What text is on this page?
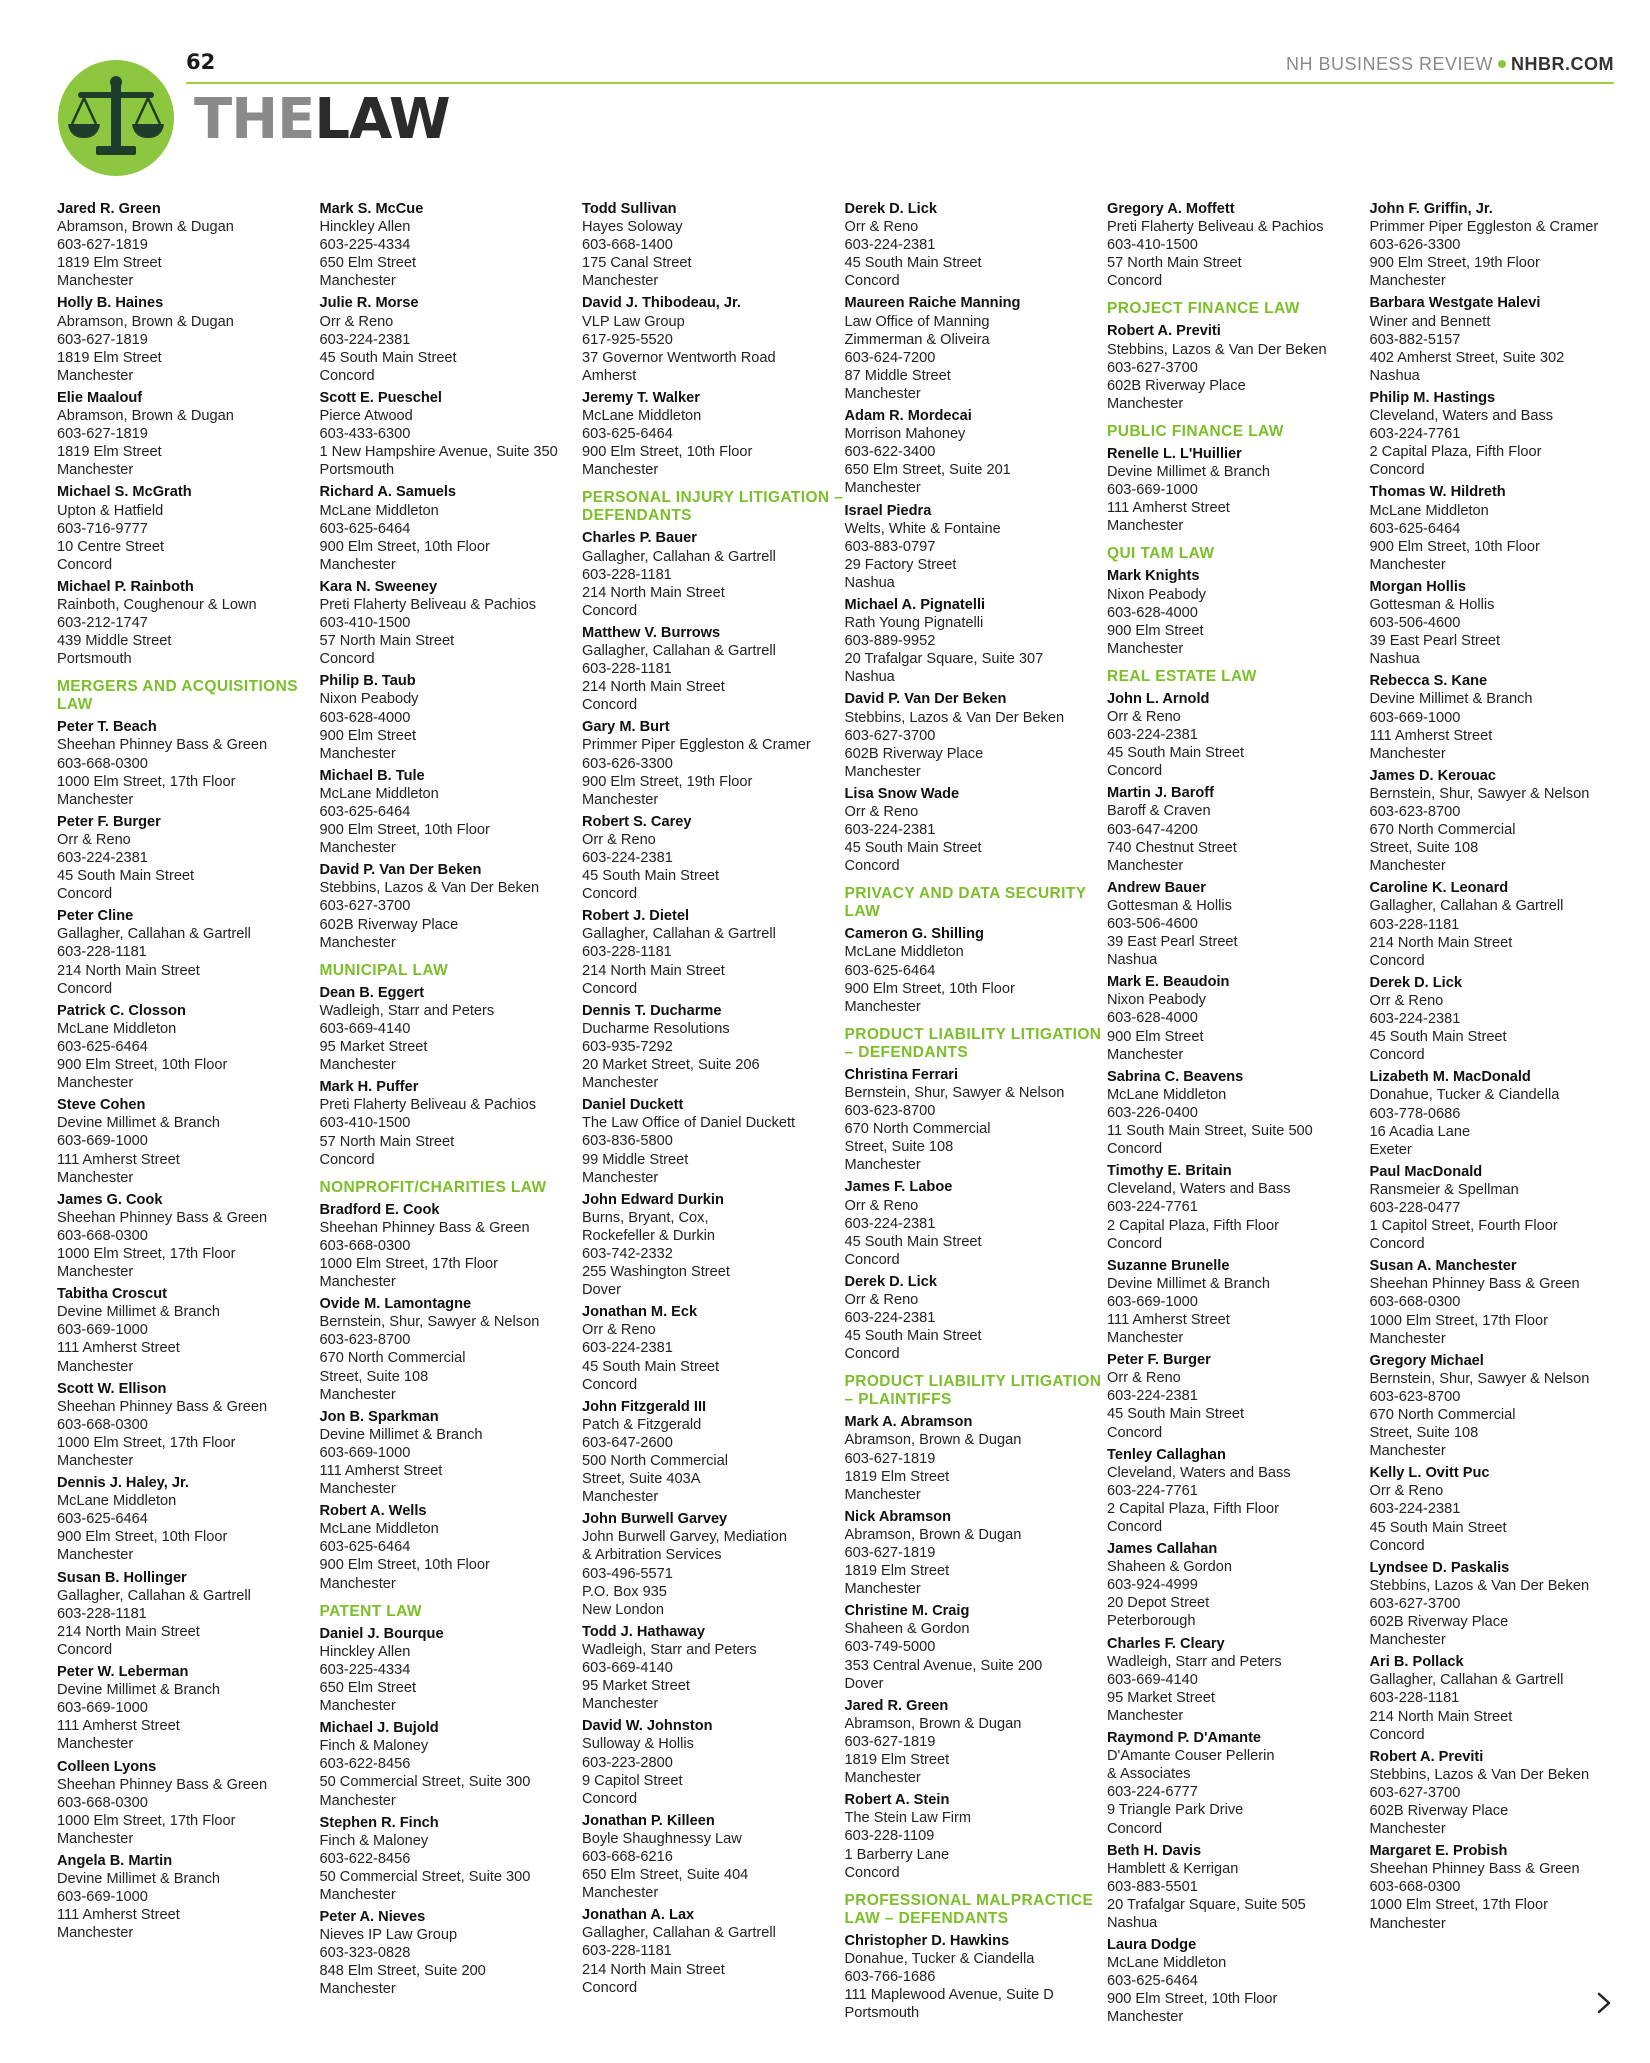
62	NH BUSINESS REVIEW NHBR.COM
THELAW
Jared R. Green
Abramson, Brown & Dugan
603-627-1819
1819 Elm Street
Manchester
Holly B. Haines
Abramson, Brown & Dugan
603-627-1819
1819 Elm Street
Manchester
Elie Maalouf
Abramson, Brown & Dugan
603-627-1819
1819 Elm Street
Manchester
Michael S. McGrath
Upton & Hatfield
603-716-9777
10 Centre Street
Concord
Michael P. Rainboth
Rainboth, Coughenour & Lown
603-212-1747
439 Middle Street
Portsmouth
MERGERS AND ACQUISITIONS LAW
Peter T. Beach
Sheehan Phinney Bass & Green
603-668-0300
1000 Elm Street, 17th Floor
Manchester
Peter F. Burger
Orr & Reno
603-224-2381
45 South Main Street
Concord
Peter Cline
Gallagher, Callahan & Gartrell
603-228-1181
214 North Main Street
Concord
Patrick C. Closson
McLane Middleton
603-625-6464
900 Elm Street, 10th Floor
Manchester
Steve Cohen
Devine Millimet & Branch
603-669-1000
111 Amherst Street
Manchester
James G. Cook
Sheehan Phinney Bass & Green
603-668-0300
1000 Elm Street, 17th Floor
Manchester
Tabitha Croscut
Devine Millimet & Branch
603-669-1000
111 Amherst Street
Manchester
Scott W. Ellison
Sheehan Phinney Bass & Green
603-668-0300
1000 Elm Street, 17th Floor
Manchester
Dennis J. Haley, Jr.
McLane Middleton
603-625-6464
900 Elm Street, 10th Floor
Manchester
Susan B. Hollinger
Gallagher, Callahan & Gartrell
603-228-1181
214 North Main Street
Concord
Peter W. Leberman
Devine Millimet & Branch
603-669-1000
111 Amherst Street
Manchester
Colleen Lyons
Sheehan Phinney Bass & Green
603-668-0300
1000 Elm Street, 17th Floor
Manchester
Angela B. Martin
Devine Millimet & Branch
603-669-1000
111 Amherst Street
Manchester
Mark S. McCue
Hinckley Allen
603-225-4334
650 Elm Street
Manchester
Julie R. Morse
Orr & Reno
603-224-2381
45 South Main Street
Concord
Scott E. Pueschel
Pierce Atwood
603-433-6300
1 New Hampshire Avenue, Suite 350
Portsmouth
Richard A. Samuels
McLane Middleton
603-625-6464
900 Elm Street, 10th Floor
Manchester
Kara N. Sweeney
Preti Flaherty Beliveau & Pachios
603-410-1500
57 North Main Street
Concord
Philip B. Taub
Nixon Peabody
603-628-4000
900 Elm Street
Manchester
Michael B. Tule
McLane Middleton
603-625-6464
900 Elm Street, 10th Floor
Manchester
David P. Van Der Beken
Stebbins, Lazos & Van Der Beken
603-627-3700
602B Riverway Place
Manchester
MUNICIPAL LAW
Dean B. Eggert
Wadleigh, Starr and Peters
603-669-4140
95 Market Street
Manchester
Mark H. Puffer
Preti Flaherty Beliveau & Pachios
603-410-1500
57 North Main Street
Concord
NONPROFIT/CHARITIES LAW
Bradford E. Cook
Sheehan Phinney Bass & Green
603-668-0300
1000 Elm Street, 17th Floor
Manchester
Ovide M. Lamontagne
Bernstein, Shur, Sawyer & Nelson
603-623-8700
670 North Commercial
Street, Suite 108
Manchester
Jon B. Sparkman
Devine Millimet & Branch
603-669-1000
111 Amherst Street
Manchester
Robert A. Wells
McLane Middleton
603-625-6464
900 Elm Street, 10th Floor
Manchester
PATENT LAW
Daniel J. Bourque
Hinckley Allen
603-225-4334
650 Elm Street
Manchester
Michael J. Bujold
Finch & Maloney
603-622-8456
50 Commercial Street, Suite 300
Manchester
Stephen R. Finch
Finch & Maloney
603-622-8456
50 Commercial Street, Suite 300
Manchester
Peter A. Nieves
Nieves IP Law Group
603-323-0828
848 Elm Street, Suite 200
Manchester
Todd Sullivan
Hayes Soloway
603-668-1400
175 Canal Street
Manchester
David J. Thibodeau, Jr.
VLP Law Group
617-925-5520
37 Governor Wentworth Road
Amherst
Jeremy T. Walker
McLane Middleton
603-625-6464
900 Elm Street, 10th Floor
Manchester
PERSONAL INJURY LITIGATION – DEFENDANTS
Charles P. Bauer
Gallagher, Callahan & Gartrell
603-228-1181
214 North Main Street
Concord
Matthew V. Burrows
Gallagher, Callahan & Gartrell
603-228-1181
214 North Main Street
Concord
Gary M. Burt
Primmer Piper Eggleston & Cramer
603-626-3300
900 Elm Street, 19th Floor
Manchester
Robert S. Carey
Orr & Reno
603-224-2381
45 South Main Street
Concord
Robert J. Dietel
Gallagher, Callahan & Gartrell
603-228-1181
214 North Main Street
Concord
Dennis T. Ducharme
Ducharme Resolutions
603-935-7292
20 Market Street, Suite 206
Manchester
Daniel Duckett
The Law Office of Daniel Duckett
603-836-5800
99 Middle Street
Manchester
John Edward Durkin
Burns, Bryant, Cox,
Rockefeller & Durkin
603-742-2332
255 Washington Street
Dover
Jonathan M. Eck
Orr & Reno
603-224-2381
45 South Main Street
Concord
John Fitzgerald III
Patch & Fitzgerald
603-647-2600
500 North Commercial
Street, Suite 403A
Manchester
John Burwell Garvey
John Burwell Garvey, Mediation
& Arbitration Services
603-496-5571
P.O. Box 935
New London
Todd J. Hathaway
Wadleigh, Starr and Peters
603-669-4140
95 Market Street
Manchester
David W. Johnston
Sulloway & Hollis
603-223-2800
9 Capitol Street
Concord
Jonathan P. Killeen
Boyle Shaughnessy Law
603-668-6216
650 Elm Street, Suite 404
Manchester
Jonathan A. Lax
Gallagher, Callahan & Gartrell
603-228-1181
214 North Main Street
Concord
Derek D. Lick
Orr & Reno
603-224-2381
45 South Main Street
Concord
Maureen Raiche Manning
Law Office of Manning
Zimmerman & Oliveira
603-624-7200
87 Middle Street
Manchester
Adam R. Mordecai
Morrison Mahoney
603-622-3400
650 Elm Street, Suite 201
Manchester
Israel Piedra
Welts, White & Fontaine
603-883-0797
29 Factory Street
Nashua
Michael A. Pignatelli
Rath Young Pignatelli
603-889-9952
20 Trafalgar Square, Suite 307
Nashua
David P. Van Der Beken
Stebbins, Lazos & Van Der Beken
603-627-3700
602B Riverway Place
Manchester
Lisa Snow Wade
Orr & Reno
603-224-2381
45 South Main Street
Concord
PRIVACY AND DATA SECURITY LAW
Cameron G. Shilling
McLane Middleton
603-625-6464
900 Elm Street, 10th Floor
Manchester
PRODUCT LIABILITY LITIGATION – DEFENDANTS
Christina Ferrari
Bernstein, Shur, Sawyer & Nelson
603-623-8700
670 North Commercial
Street, Suite 108
Manchester
James F. Laboe
Orr & Reno
603-224-2381
45 South Main Street
Concord
Derek D. Lick
Orr & Reno
603-224-2381
45 South Main Street
Concord
PRODUCT LIABILITY LITIGATION – PLAINTIFFS
Mark A. Abramson
Abramson, Brown & Dugan
603-627-1819
1819 Elm Street
Manchester
Nick Abramson
Abramson, Brown & Dugan
603-627-1819
1819 Elm Street
Manchester
Christine M. Craig
Shaheen & Gordon
603-749-5000
353 Central Avenue, Suite 200
Dover
Jared R. Green
Abramson, Brown & Dugan
603-627-1819
1819 Elm Street
Manchester
Robert A. Stein
The Stein Law Firm
603-228-1109
1 Barberry Lane
Concord
PROFESSIONAL MALPRACTICE LAW – DEFENDANTS
Christopher D. Hawkins
Donahue, Tucker & Ciandella
603-766-1686
111 Maplewood Avenue, Suite D
Portsmouth
Gregory A. Moffett
Preti Flaherty Beliveau & Pachios
603-410-1500
57 North Main Street
Concord
PROJECT FINANCE LAW
Robert A. Previti
Stebbins, Lazos & Van Der Beken
603-627-3700
602B Riverway Place
Manchester
PUBLIC FINANCE LAW
Renelle L. L'Huillier
Devine Millimet & Branch
603-669-1000
111 Amherst Street
Manchester
QUI TAM LAW
Mark Knights
Nixon Peabody
603-628-4000
900 Elm Street
Manchester
REAL ESTATE LAW
John L. Arnold
Orr & Reno
603-224-2381
45 South Main Street
Concord
Martin J. Baroff
Baroff & Craven
603-647-4200
740 Chestnut Street
Manchester
Andrew Bauer
Gottesman & Hollis
603-506-4600
39 East Pearl Street
Nashua
Mark E. Beaudoin
Nixon Peabody
603-628-4000
900 Elm Street
Manchester
Sabrina C. Beavens
McLane Middleton
603-226-0400
11 South Main Street, Suite 500
Concord
Timothy E. Britain
Cleveland, Waters and Bass
603-224-7761
2 Capital Plaza, Fifth Floor
Concord
Suzanne Brunelle
Devine Millimet & Branch
603-669-1000
111 Amherst Street
Manchester
Peter F. Burger
Orr & Reno
603-224-2381
45 South Main Street
Concord
Tenley Callaghan
Cleveland, Waters and Bass
603-224-7761
2 Capital Plaza, Fifth Floor
Concord
James Callahan
Shaheen & Gordon
603-924-4999
20 Depot Street
Peterborough
Charles F. Cleary
Wadleigh, Starr and Peters
603-669-4140
95 Market Street
Manchester
Raymond P. D'Amante
D'Amante Couser Pellerin
& Associates
603-224-6777
9 Triangle Park Drive
Concord
Beth H. Davis
Hamblett & Kerrigan
603-883-5501
20 Trafalgar Square, Suite 505
Nashua
Laura Dodge
McLane Middleton
603-625-6464
900 Elm Street, 10th Floor
Manchester
John F. Griffin, Jr.
Primmer Piper Eggleston & Cramer
603-626-3300
900 Elm Street, 19th Floor
Manchester
Barbara Westgate Halevi
Winer and Bennett
603-882-5157
402 Amherst Street, Suite 302
Nashua
Philip M. Hastings
Cleveland, Waters and Bass
603-224-7761
2 Capital Plaza, Fifth Floor
Concord
Thomas W. Hildreth
McLane Middleton
603-625-6464
900 Elm Street, 10th Floor
Manchester
Morgan Hollis
Gottesman & Hollis
603-506-4600
39 East Pearl Street
Nashua
Rebecca S. Kane
Devine Millimet & Branch
603-669-1000
111 Amherst Street
Manchester
James D. Kerouac
Bernstein, Shur, Sawyer & Nelson
603-623-8700
670 North Commercial
Street, Suite 108
Manchester
Caroline K. Leonard
Gallagher, Callahan & Gartrell
603-228-1181
214 North Main Street
Concord
Derek D. Lick
Orr & Reno
603-224-2381
45 South Main Street
Concord
Lizabeth M. MacDonald
Donahue, Tucker & Ciandella
603-778-0686
16 Acadia Lane
Exeter
Paul MacDonald
Ransmeier & Spellman
603-228-0477
1 Capitol Street, Fourth Floor
Concord
Susan A. Manchester
Sheehan Phinney Bass & Green
603-668-0300
1000 Elm Street, 17th Floor
Manchester
Gregory Michael
Bernstein, Shur, Sawyer & Nelson
603-623-8700
670 North Commercial
Street, Suite 108
Manchester
Kelly L. Ovitt Puc
Orr & Reno
603-224-2381
45 South Main Street
Concord
Lyndsee D. Paskalis
Stebbins, Lazos & Van Der Beken
603-627-3700
602B Riverway Place
Manchester
Ari B. Pollack
Gallagher, Callahan & Gartrell
603-228-1181
214 North Main Street
Concord
Robert A. Previti
Stebbins, Lazos & Van Der Beken
603-627-3700
602B Riverway Place
Manchester
Margaret E. Probish
Sheehan Phinney Bass & Green
603-668-0300
1000 Elm Street, 17th Floor
Manchester
